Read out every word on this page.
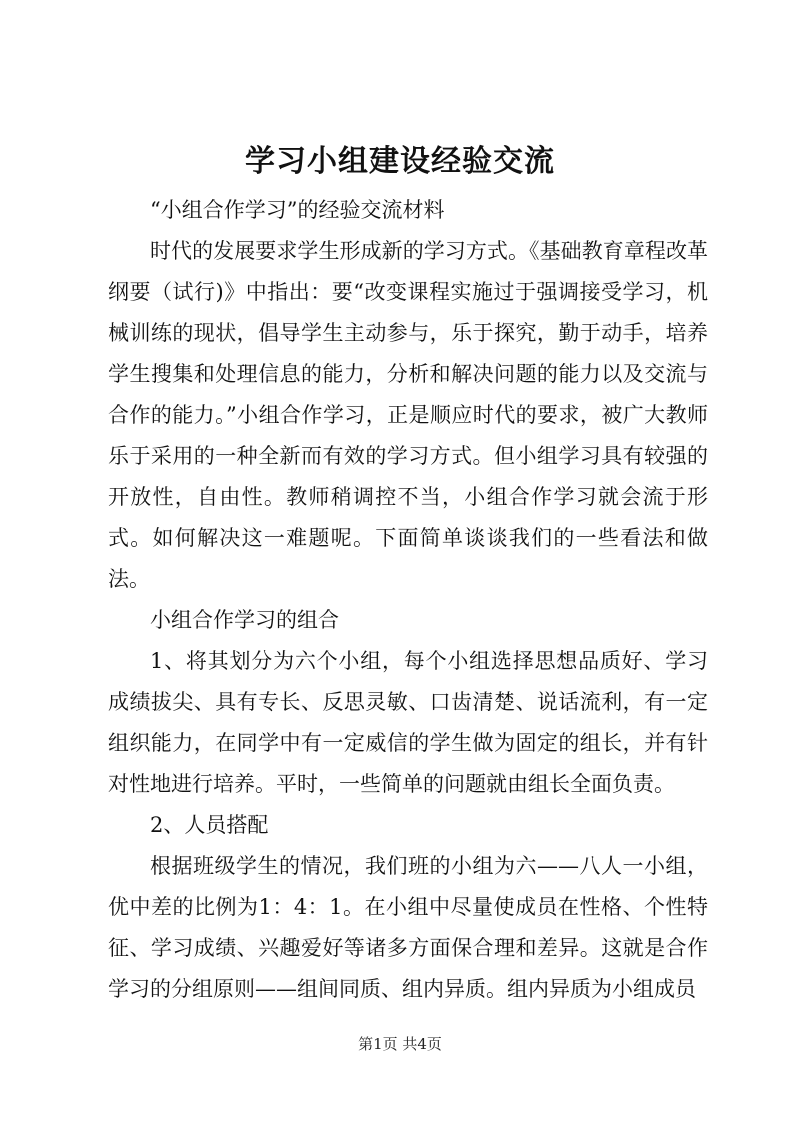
学习小组建设经验交流

“小组合作学习”的经验交流材料

时代的发展要求学生形成新的学习方式。《基础教育章程改革纲要（试行)》中指出：要“改变课程实施过于强调接受学习，机械训练的现状，倡导学生主动参与，乐于探究，勤于动手，培养学生搜集和处理信息的能力，分析和解决问题的能力以及交流与合作的能力。”小组合作学习，正是顺应时代的要求，被广大教师乐于采用的一种全新而有效的学习方式。但小组学习具有较强的开放性，自由性。教师稍调控不当，小组合作学习就会流于形式。如何解决这一难题呢。下面简单谈谈我们的一些看法和做法。

小组合作学习的组合

1、将其划分为六个小组，每个小组选择思想品质好、学习成绩拔尖、具有专长、反思灵敏、口齿清楚、说话流利，有一定组织能力，在同学中有一定威信的学生做为固定的组长，并有针对性地进行培养。平时，一些简单的问题就由组长全面负责。

2、人员搭配

根据班级学生的情况，我们班的小组为六——八人一小组，优中差的比例为1：4：1。在小组中尽量使成员在性格、个性特征、学习成绩、兴趣爱好等诸多方面保合理和差异。这就是合作学习的分组原则——组间同质、组内异质。组内异质为小组成员

第1页 共4页
